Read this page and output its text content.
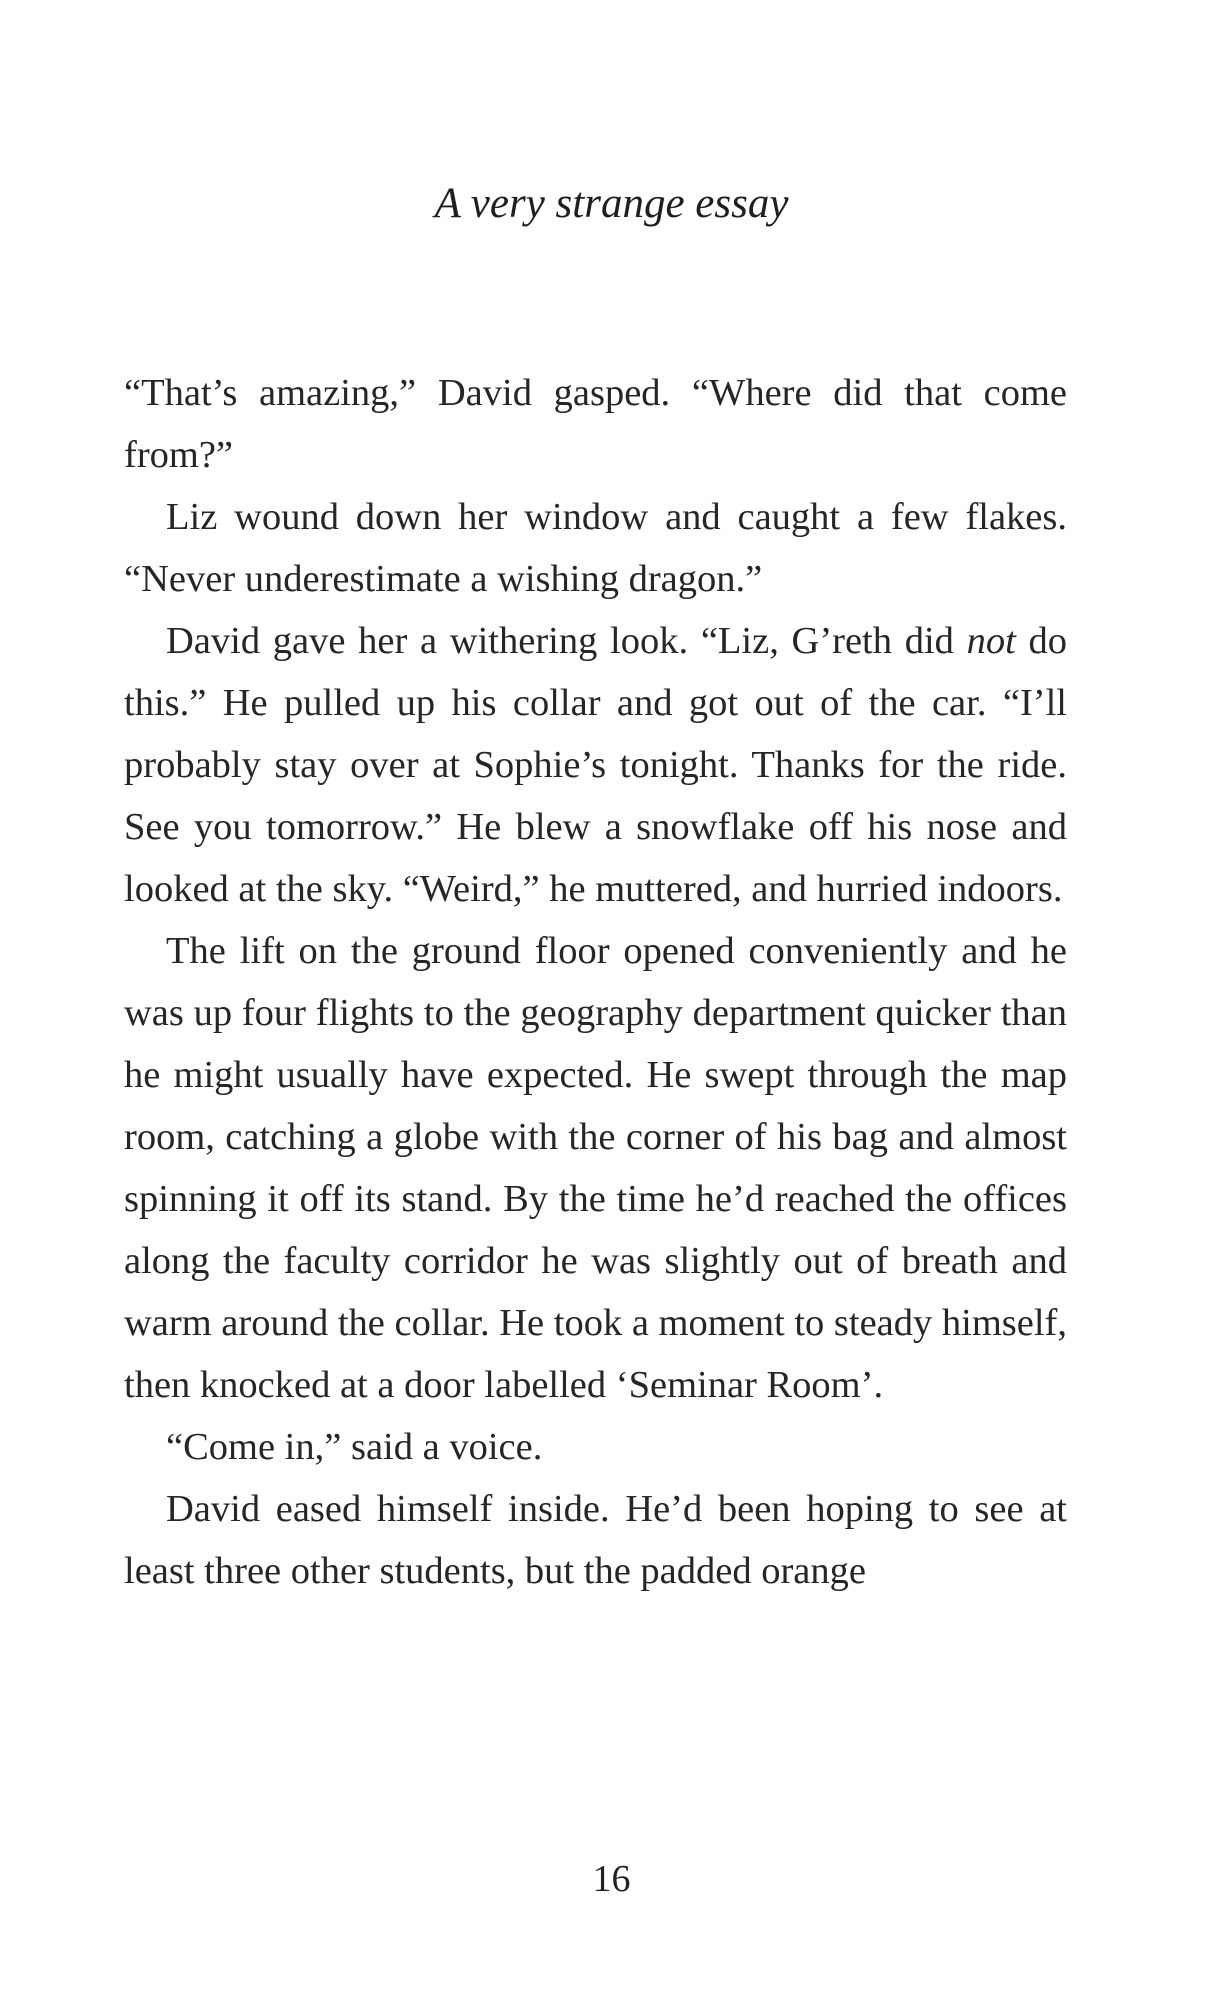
A very strange essay

“That’s amazing,” David gasped. “Where did that come from?”

Liz wound down her window and caught a few flakes. “Never underestimate a wishing dragon.”

David gave her a withering look. “Liz, G’reth did not do this.” He pulled up his collar and got out of the car. “I’ll probably stay over at Sophie’s tonight. Thanks for the ride. See you tomorrow.” He blew a snowflake off his nose and looked at the sky. “Weird,” he muttered, and hurried indoors.

The lift on the ground floor opened conveniently and he was up four flights to the geography department quicker than he might usually have expected. He swept through the map room, catching a globe with the corner of his bag and almost spinning it off its stand. By the time he’d reached the offices along the faculty corridor he was slightly out of breath and warm around the collar. He took a moment to steady himself, then knocked at a door labelled ‘Seminar Room’.

“Come in,” said a voice.

David eased himself inside. He’d been hoping to see at least three other students, but the padded orange

16
